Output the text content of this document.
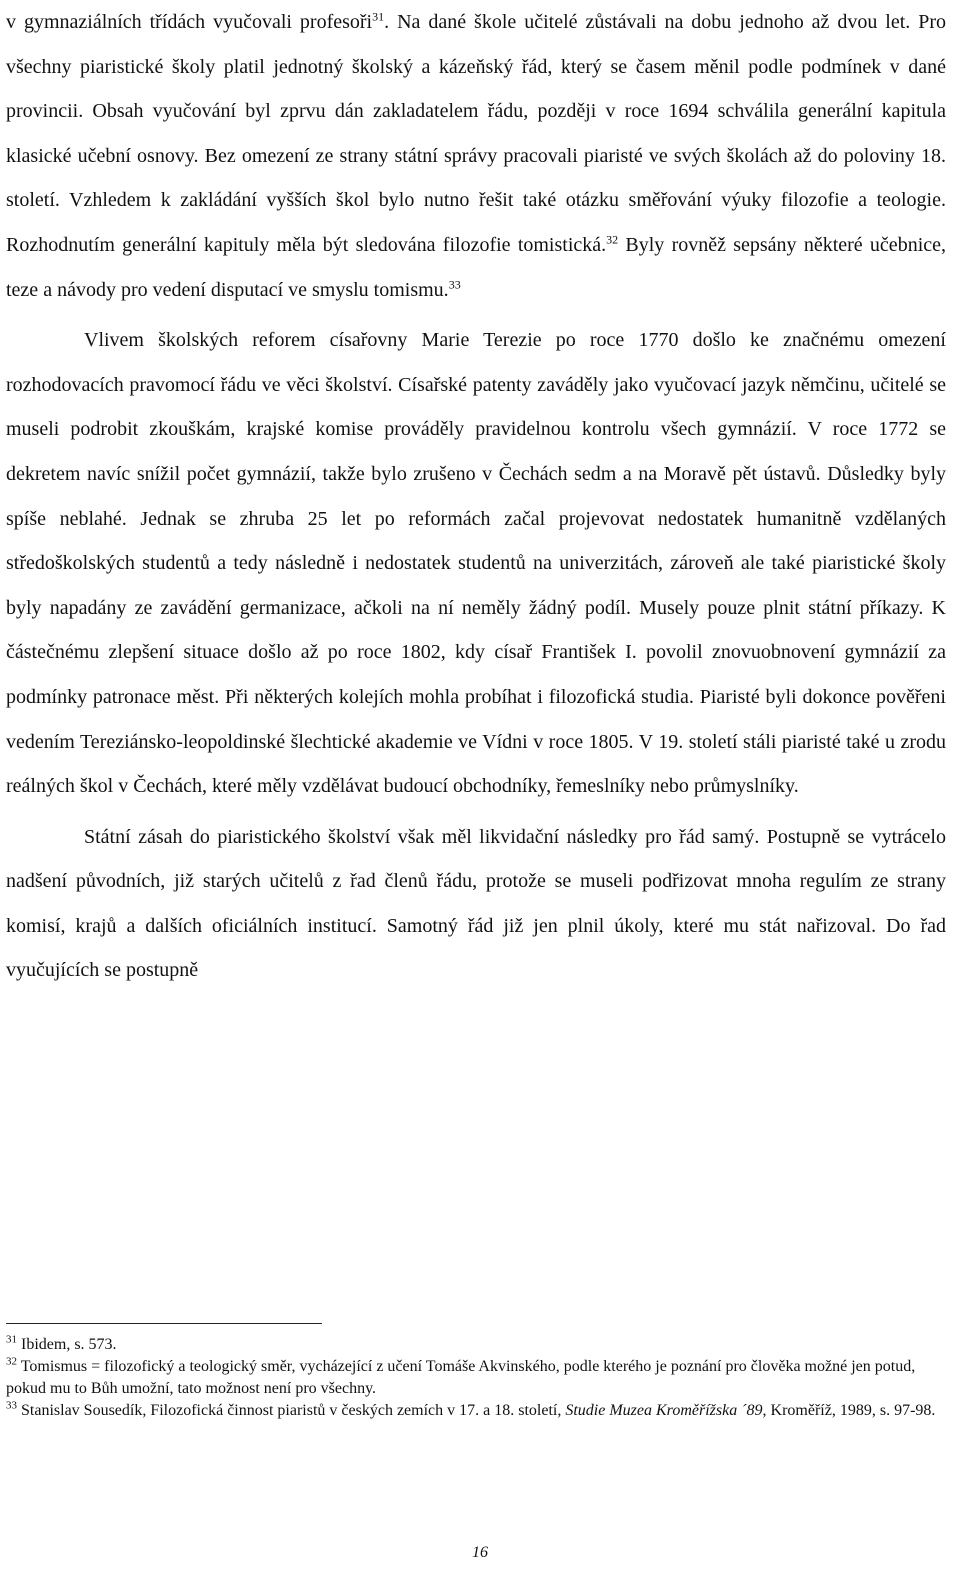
v gymnaziálních třídách vyučovali profesoři$^{31}$. Na dané škole učitelé zůstávali na dobu jednoho až dvou let. Pro všechny piaristické školy platil jednotný školský a kázeňský řád, který se časem měnil podle podmínek v dané provincii. Obsah vyučování byl zprvu dán zakladatelem řádu, později v roce 1694 schválila generální kapitula klasické učební osnovy. Bez omezení ze strany státní správy pracovali piaristé ve svých školách až do poloviny 18. století. Vzhledem k zakládání vyšších škol bylo nutno řešit také otázku směřování výuky filozofie a teologie. Rozhodnutím generální kapituly měla být sledována filozofie tomistická.$^{32}$ Byly rovněž sepsány některé učebnice, teze a návody pro vedení disputací ve smyslu tomismu.$^{33}$

Vlivem školských reforem císařovny Marie Terezie po roce 1770 došlo ke značnému omezení rozhodovacích pravomocí řádu ve věci školství. Císařské patenty zaváděly jako vyučovací jazyk němčinu, učitelé se museli podrobit zkouškám, krajské komise prováděly pravidelnou kontrolu všech gymnázií. V roce 1772 se dekretem navíc snížil počet gymnázií, takže bylo zrušeno v Čechách sedm a na Moravě pět ústavů. Důsledky byly spíše neblahé. Jednak se zhruba 25 let po reformách začal projevovat nedostatek humanitně vzdělaných středoškolských studentů a tedy následně i nedostatek studentů na univerzitách, zároveň ale také piaristické školy byly napadány ze zavádění germanizace, ačkoli na ní neměly žádný podíl. Musely pouze plnit státní příkazy. K částečnému zlepšení situace došlo až po roce 1802, kdy císař František I. povolil znovuobnovení gymnázií za podmínky patronace měst. Při některých kolejích mohla probíhat i filozofická studia. Piaristé byli dokonce pověřeni vedením Tereziánsko-leopoldinské šlechtické akademie ve Vídni v roce 1805. V 19. století stáli piaristé také u zrodu reálných škol v Čechách, které měly vzdělávat budoucí obchodníky, řemeslníky nebo průmyslníky.

Státní zásah do piaristického školství však měl likvidační následky pro řád samý. Postupně se vytrácelo nadšení původních, již starých učitelů z řad členů řádu, protože se museli podřizovat mnoha regulím ze strany komisí, krajů a dalších oficiálních institucí. Samotný řád již jen plnil úkoly, které mu stát nařizoval. Do řad vyučujících se postupně

$^{31}$ Ibidem, s. 573.

$^{32}$ Tomismus = filozofický a teologický směr, vycházející z učení Tomáše Akvinského, podle kterého je poznání pro člověka možné jen potud, pokud mu to Bůh umožní, tato možnost není pro všechny.

$^{33}$ Stanislav Sousedík, Filozofická činnost piaristů v českých zemích v 17. a 18. století, Studie Muzea Kroměřížska ´89, Kroměříž, 1989, s. 97-98.

16
